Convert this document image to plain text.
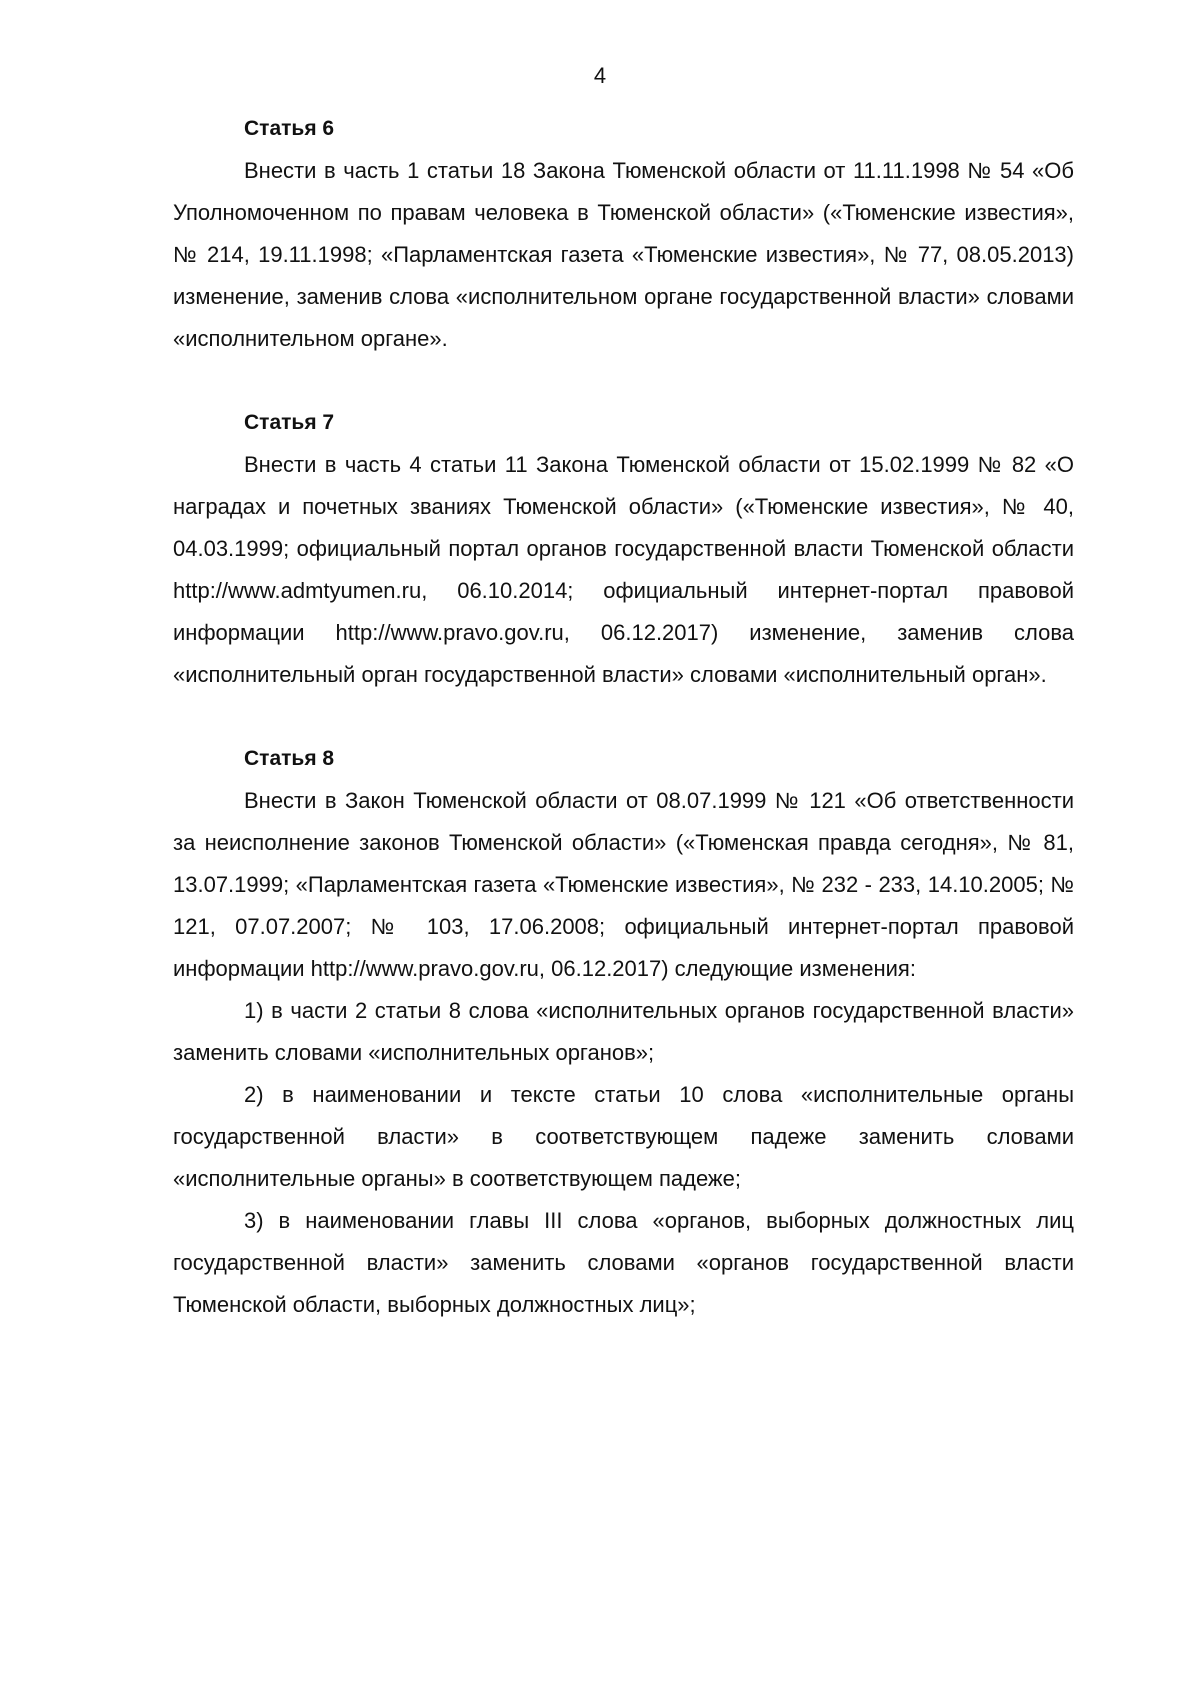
4
Статья 6

Внести в часть 1 статьи 18 Закона Тюменской области от 11.11.1998 № 54 «Об Уполномоченном по правам человека в Тюменской области» («Тюменские известия», № 214, 19.11.1998; «Парламентская газета «Тюменские известия», № 77, 08.05.2013) изменение, заменив слова «исполнительном органе государственной власти» словами «исполнительном органе».

Статья 7

Внести в часть 4 статьи 11 Закона Тюменской области от 15.02.1999 № 82 «О наградах и почетных званиях Тюменской области» («Тюменские известия», № 40, 04.03.1999; официальный портал органов государственной власти Тюменской области http://www.admtyumen.ru, 06.10.2014; официальный интернет-портал правовой информации http://www.pravo.gov.ru, 06.12.2017) изменение, заменив слова «исполнительный орган государственной власти» словами «исполнительный орган».

Статья 8

Внести в Закон Тюменской области от 08.07.1999 № 121 «Об ответственности за неисполнение законов Тюменской области» («Тюменская правда сегодня», № 81, 13.07.1999; «Парламентская газета «Тюменские известия», № 232 - 233, 14.10.2005; № 121, 07.07.2007; № 103, 17.06.2008; официальный интернет-портал правовой информации http://www.pravo.gov.ru, 06.12.2017) следующие изменения:

1) в части 2 статьи 8 слова «исполнительных органов государственной власти» заменить словами «исполнительных органов»;

2) в наименовании и тексте статьи 10 слова «исполнительные органы государственной власти» в соответствующем падеже заменить словами «исполнительные органы» в соответствующем падеже;

3) в наименовании главы III слова «органов, выборных должностных лиц государственной власти» заменить словами «органов государственной власти Тюменской области, выборных должностных лиц»;
